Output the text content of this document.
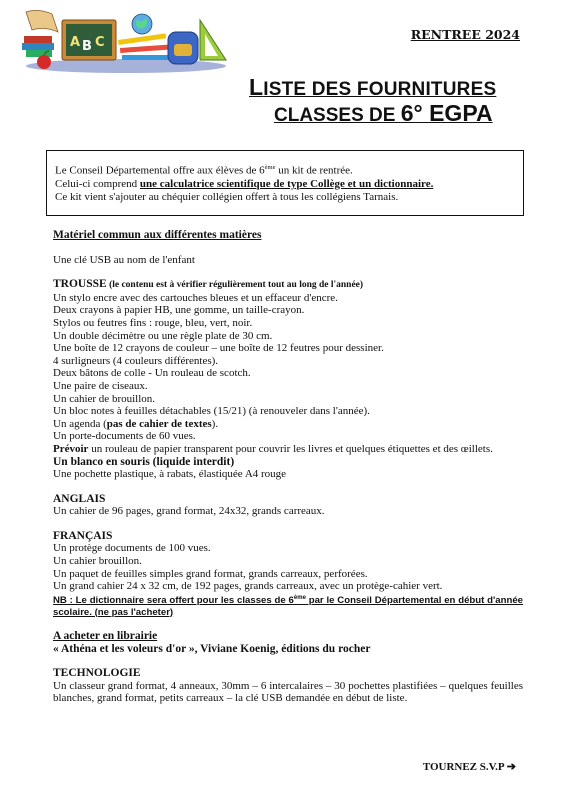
A B C
RENTREE 2024
LISTE DES FOURNITURES
CLASSES DE 6° EGPA
Le Conseil Départemental offre aux élèves de 6ème un kit de rentrée.
Celui-ci comprend une calculatrice scientifique de type Collège et un dictionnaire.
Ce kit vient s'ajouter au chéquier collégien offert à tous les collégiens Tarnais.

Matériel commun aux différentes matières

Une clé USB au nom de l'enfant

TROUSSE (le contenu est à vérifier régulièrement tout au long de l'année)

Un stylo encre avec des cartouches bleues et un effaceur d'encre.

Deux crayons à papier HB, une gomme, un taille-crayon.

Stylos ou feutres fins : rouge, bleu, vert, noir.

Un double décimètre ou une règle plate de 30 cm.

Une boîte de 12 crayons de couleur – une boîte de 12 feutres pour dessiner.

4 surligneurs (4 couleurs différentes).

Deux bâtons de colle - Un rouleau de scotch.

Une paire de ciseaux.

Un cahier de brouillon.

Un bloc notes à feuilles détachables (15/21) (à renouveler dans l'année).

Un agenda (pas de cahier de textes).

Un porte-documents de 60 vues.

Prévoir un rouleau de papier transparent pour couvrir les livres et quelques étiquettes et des œillets.

Un blanco en souris (liquide interdit)

Une pochette plastique, à rabats, élastiquée A4 rouge

ANGLAIS

Un cahier de 96 pages, grand format, 24x32, grands carreaux.

FRANÇAIS

Un protège documents de 100 vues.

Un cahier brouillon.

Un paquet de feuilles simples grand format, grands carreaux, perforées.

Un grand cahier 24 x 32 cm, de 192 pages, grands carreaux, avec un protège-cahier vert.

NB : Le dictionnaire sera offert pour les classes de 6ème par le Conseil Départemental en début d'année scolaire. (ne pas l'acheter)

A acheter en librairie

« Athéna et les voleurs d'or », Viviane Koenig, éditions du rocher

TECHNOLOGIE

Un classeur grand format, 4 anneaux, 30mm – 6 intercalaires – 30 pochettes plastifiées – quelques feuilles blanches, grand format, petits carreaux – la clé USB demandée en début de liste.

TOURNEZ S.V.P ➔
